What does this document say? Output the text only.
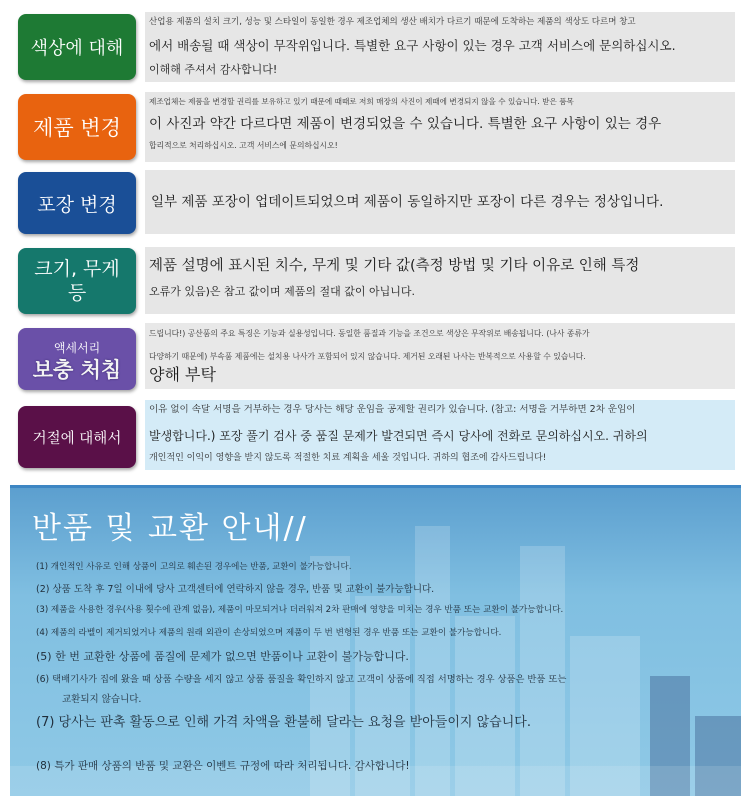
색상에 대해
산업용 제품의 설치 크기, 성능 및 스타일이 동일한 경우 제조업체의 생산 배치가 다르기 때문에 도착하는 제품의 색상도 다르며 창고
에서 배송될 때 색상이 무작위입니다. 특별한 요구 사항이 있는 경우 고객 서비스에 문의하십시오.
이해해 주셔서 감사합니다!
제품 변경
제조업체는 제품을 변경할 권리를 보유하고 있기 때문에 때때로 저희 매장의 사진이 제때에 변경되지 않을 수 있습니다. 받은 품목
이 사진과 약간 다르다면 제품이 변경되었을 수 있습니다. 특별한 요구 사항이 있는 경우
합리적으로 처리하십시오. 고객 서비스에 문의하십시오!
포장 변경	일부 제품 포장이 업데이트되었으며 제품이 동일하지만 포장이 다른 경우는 정상입니다.
크기, 무게
등
제품 설명에 표시된 치수, 무게 및 기타 값(측정 방법 및 기타 이유로 인해 특정
오류가 있음)은 참고 값이며 제품의 절대 값이 아닙니다.
액세서리
보충 처침
드립니다!) 공산품의 주요 특징은 기능과 실용성입니다. 동일한 품질과 기능을 조건으로 색상은 무작위로 배송됩니다. (나사 종류가
다양하기 때문에) 부속품 제품에는 설치용 나사가 포함되어 있지 않습니다. 제거된 오래된 나사는 반복적으로 사용할 수 있습니다.
양해 부탁
거절에 대해서
이유 없이 속달 서명을 거부하는 경우 당사는 해당 운임을 공제할 권리가 있습니다. (참고: 서명을 거부하면 2차 운임이
발생합니다.) 포장 풀기 검사 중 품질 문제가 발견되면 즉시 당사에 전화로 문의하십시오. 귀하의
개인적인 이익이 영향을 받지 않도록 적절한 치료 계획을 세울 것입니다. 귀하의 협조에 감사드립니다!
반품 및 교환 안내//
(1) 개인적인 사유로 인해 상품이 고의로 훼손된 경우에는 반품, 교환이 불가능합니다.
(2) 상품 도착 후 7일 이내에 당사 고객센터에 연락하지 않을 경우, 반품 및 교환이 불가능합니다.
(3) 제품을 사용한 경우(사용 횟수에 관계 없음), 제품이 마모되거나 더러워져 2차 판매에 영향을 미치는 경우 반품 또는 교환이 불가능합니다.
(4) 제품의 라벨이 제거되었거나 제품의 원래 외관이 손상되었으며 제품이 두 번 변형된 경우 반품 또는 교환이 불가능합니다.
(5) 한 번 교환한 상품에 품질에 문제가 없으면 반품이나 교환이 불가능합니다.
(6) 택배기사가 집에 왔을 때 상품 수량을 세지 않고 상품 품질을 확인하지 않고 고객이 상품에 직접 서명하는 경우 상품은 반품 또는
교환되지 않습니다.
(7) 당사는 판촉 활동으로 인해 가격 차액을 환불해 달라는 요청을 받아들이지 않습니다.
(8) 특가 판매 상품의 반품 및 교환은 이벤트 규정에 따라 처리됩니다. 감사합니다!
